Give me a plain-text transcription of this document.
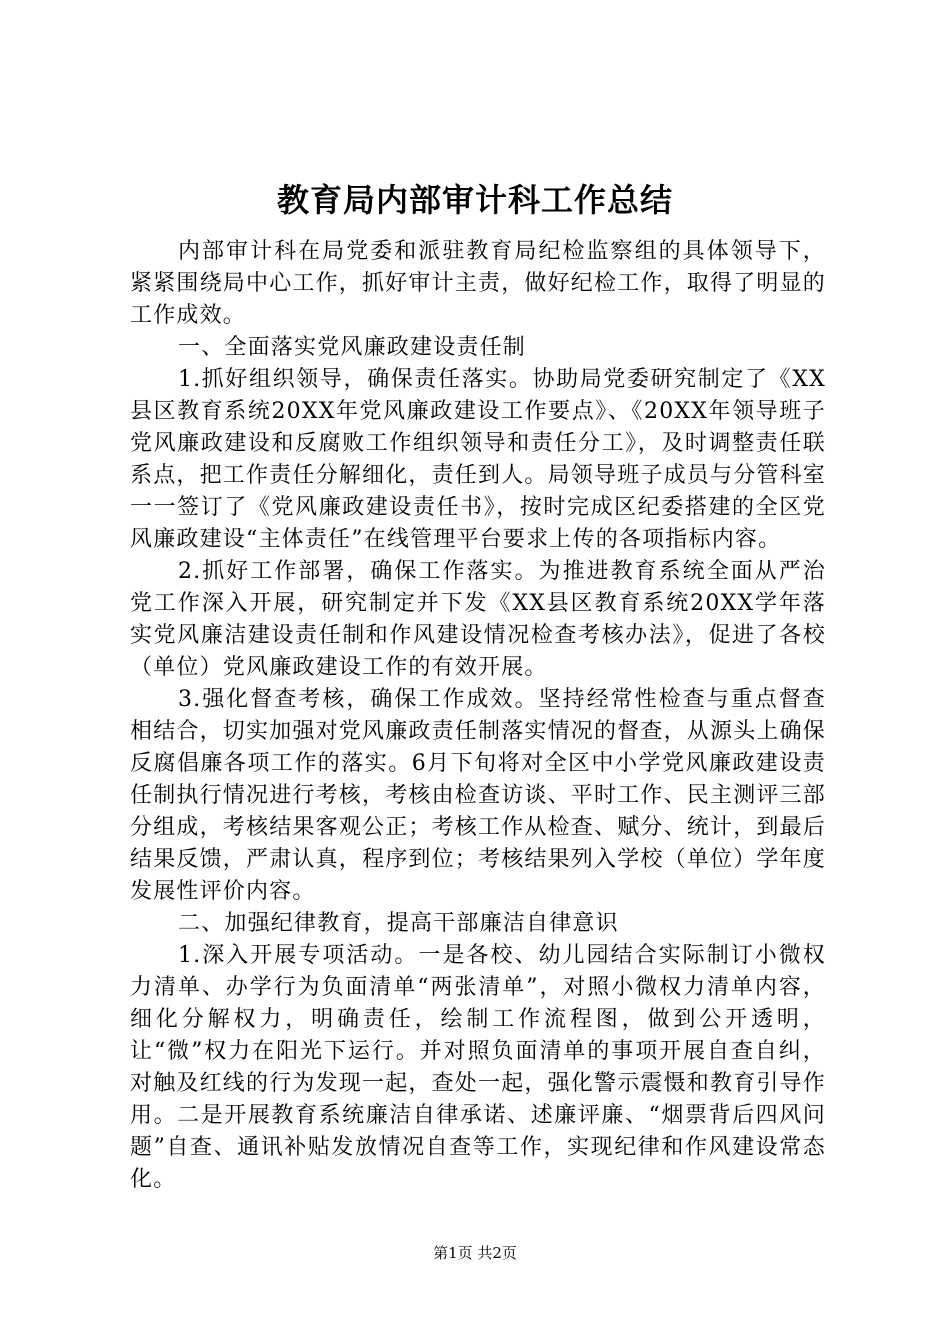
教育局内部审计科工作总结

内部审计科在局党委和派驻教育局纪检监察组的具体领导下，紧紧围绕局中心工作，抓好审计主责，做好纪检工作，取得了明显的工作成效。

一、全面落实党风廉政建设责任制

1.抓好组织领导，确保责任落实。协助局党委研究制定了《XX县区教育系统20XX年党风廉政建设工作要点》、《20XX年领导班子党风廉政建设和反腐败工作组织领导和责任分工》，及时调整责任联系点，把工作责任分解细化，责任到人。局领导班子成员与分管科室一一签订了《党风廉政建设责任书》，按时完成区纪委搭建的全区党风廉政建设“主体责任”在线管理平台要求上传的各项指标内容。

2.抓好工作部署，确保工作落实。为推进教育系统全面从严治党工作深入开展，研究制定并下发《XX县区教育系统20XX学年落实党风廉洁建设责任制和作风建设情况检查考核办法》，促进了各校（单位）党风廉政建设工作的有效开展。

3.强化督查考核，确保工作成效。坚持经常性检查与重点督查相结合，切实加强对党风廉政责任制落实情况的督查，从源头上确保反腐倡廉各项工作的落实。6月下旬将对全区中小学党风廉政建设责任制执行情况进行考核，考核由检查访谈、平时工作、民主测评三部分组成，考核结果客观公正；考核工作从检查、赋分、统计，到最后结果反馈，严肃认真，程序到位；考核结果列入学校（单位）学年度发展性评价内容。

二、加强纪律教育，提高干部廉洁自律意识

1.深入开展专项活动。一是各校、幼儿园结合实际制订小微权力清单、办学行为负面清单“两张清单”，对照小微权力清单内容，细化分解权力，明确责任，绘制工作流程图，做到公开透明，让“微”权力在阳光下运行。并对照负面清单的事项开展自查自纠，对触及红线的行为发现一起，查处一起，强化警示震慑和教育引导作用。二是开展教育系统廉洁自律承诺、述廉评廉、“烟票背后四风问题”自查、通讯补贴发放情况自查等工作，实现纪律和作风建设常态化。

第1页 共2页
